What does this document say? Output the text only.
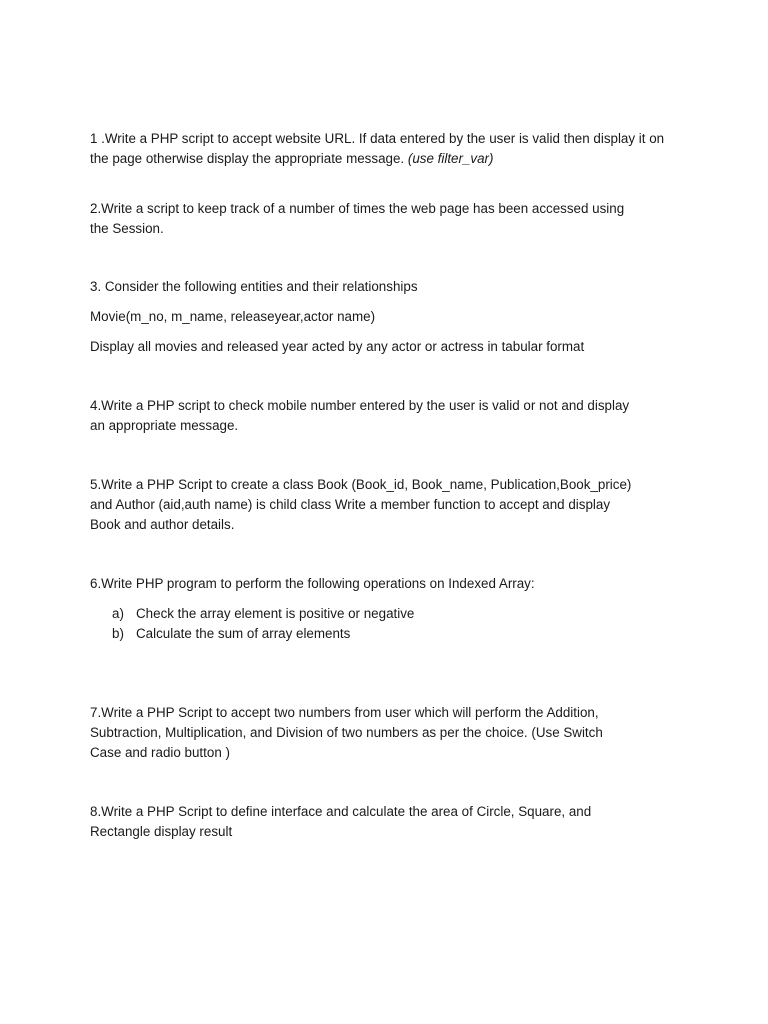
1 .Write a PHP script to accept website URL. If data entered by the user is valid then display it on

the page otherwise display the appropriate message. (use filter_var)

2.Write a script to keep track of a number of times the web page has been accessed using

the Session.

3. Consider the following entities and their relationships

Movie(m_no, m_name, releaseyear,actor name)

Display all movies and released year acted by any actor or actress in tabular format

4.Write a PHP script to check mobile number entered by the user is valid or not and display

an appropriate message.

5.Write a PHP Script to create a class Book (Book_id, Book_name, Publication,Book_price)

and Author (aid,auth name) is child class Write a member function to accept and display

Book and author details.

6.Write PHP program to perform the following operations on Indexed Array:

a) Check the array element is positive or negative
b) Calculate the sum of array elements

7.Write a PHP Script to accept two numbers from user which will perform the Addition,

Subtraction, Multiplication, and Division of two numbers as per the choice. (Use Switch

Case and radio button )

8.Write a PHP Script to define interface and calculate the area of Circle, Square, and

Rectangle display result
